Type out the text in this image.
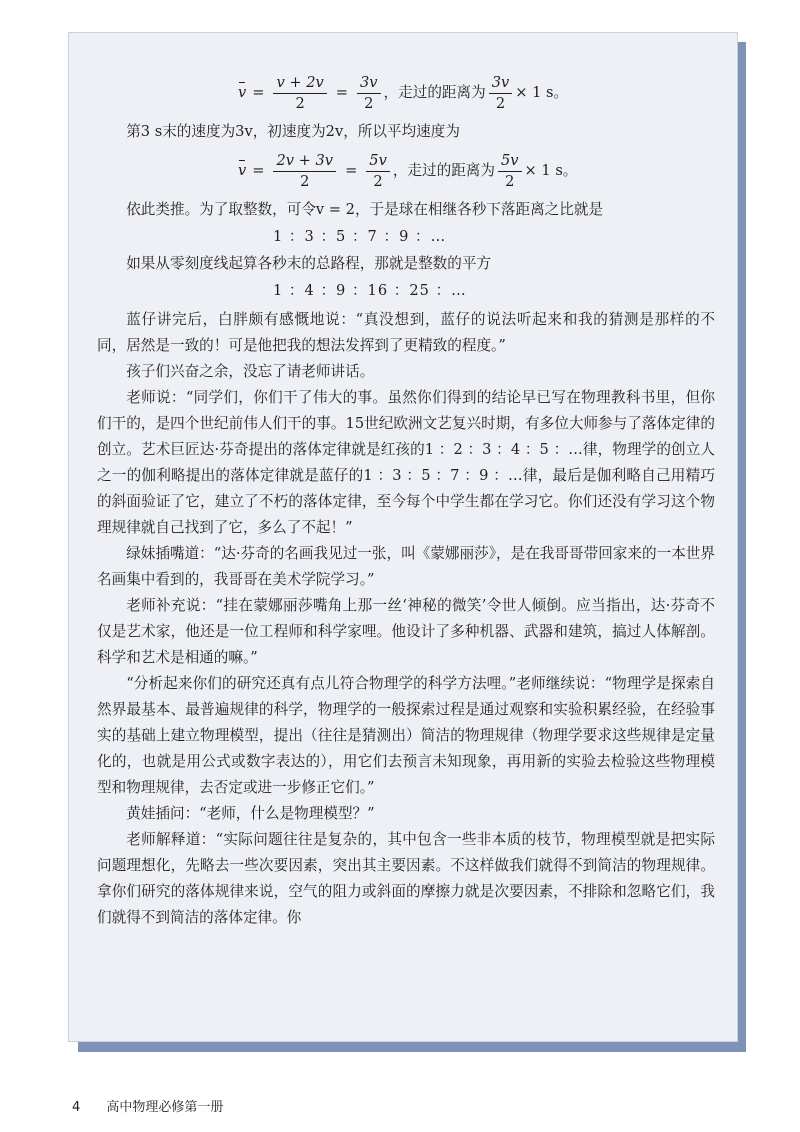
$v = \frac{v + 2v}{2} = \frac{3v}{2}$ ，走过的距离为 $\frac{3v}{2} \times 1$ s。

第3 s末的速度为3v，初速度为2v，所以平均速度为

$v = \frac{2v + 3v}{2} = \frac{5v}{2}$ ，走过的距离为 $\frac{5v}{2} \times 1$ s。

依此类推。为了取整数，可令v = 2，于是球在相继各秒下落距离之比就是

1 ：3 ：5 ：7 ：9 ：…

如果从零刻度线起算各秒末的总路程，那就是整数的平方

1 ：4 ：9 ：16 ：25 ：…

蓝仔讲完后，白胖颇有感慨地说：“真没想到，蓝仔的说法听起来和我的猜测是那样的不同，居然是一致的！可是他把我的想法发挥到了更精致的程度。”

孩子们兴奋之余，没忘了请老师讲话。

老师说：“同学们，你们干了伟大的事。虽然你们得到的结论早已写在物理教科书里，但你们干的，是四个世纪前伟人们干的事。15世纪欧洲文艺复兴时期，有多位大师参与了落体定律的创立。艺术巨匠达·芬奇提出的落体定律就是红孩的1 ：2 ：3 ：4 ：5 ：…律，物理学的创立人之一的伽利略提出的落体定律就是蓝仔的1 ：3 ：5 ：7 ：9 ：…律，最后是伽利略自己用精巧的斜面验证了它，建立了不朽的落体定律，至今每个中学生都在学习它。你们还没有学习这个物理规律就自己找到了它，多么了不起！”

绿妹插嘴道：“达·芬奇的名画我见过一张，叫《蒙娜丽莎》，是在我哥哥带回家来的一本世界名画集中看到的，我哥哥在美术学院学习。”

老师补充说：“挂在蒙娜丽莎嘴角上那一丝‘神秘的微笑’令世人倾倒。应当指出，达·芬奇不仅是艺术家，他还是一位工程师和科学家哩。他设计了多种机器、武器和建筑，搞过人体解剖。科学和艺术是相通的嘛。”

“分析起来你们的研究还真有点儿符合物理学的科学方法哩。”老师继续说：“物理学是探索自然界最基本、最普遍规律的科学，物理学的一般探索过程是通过观察和实验积累经验，在经验事实的基础上建立物理模型，提出（往往是猜测出）简洁的物理规律（物理学要求这些规律是定量化的，也就是用公式或数字表达的），用它们去预言未知现象，再用新的实验去检验这些物理模型和物理规律，去否定或进一步修正它们。”

黄娃插问：“老师，什么是物理模型？”

老师解释道：“实际问题往往是复杂的，其中包含一些非本质的枝节，物理模型就是把实际问题理想化，先略去一些次要因素，突出其主要因素。不这样做我们就得不到简洁的物理规律。拿你们研究的落体规律来说，空气的阻力或斜面的摩擦力就是次要因素，不排除和忽略它们，我们就得不到简洁的落体定律。你

4 高中物理必修第一册
